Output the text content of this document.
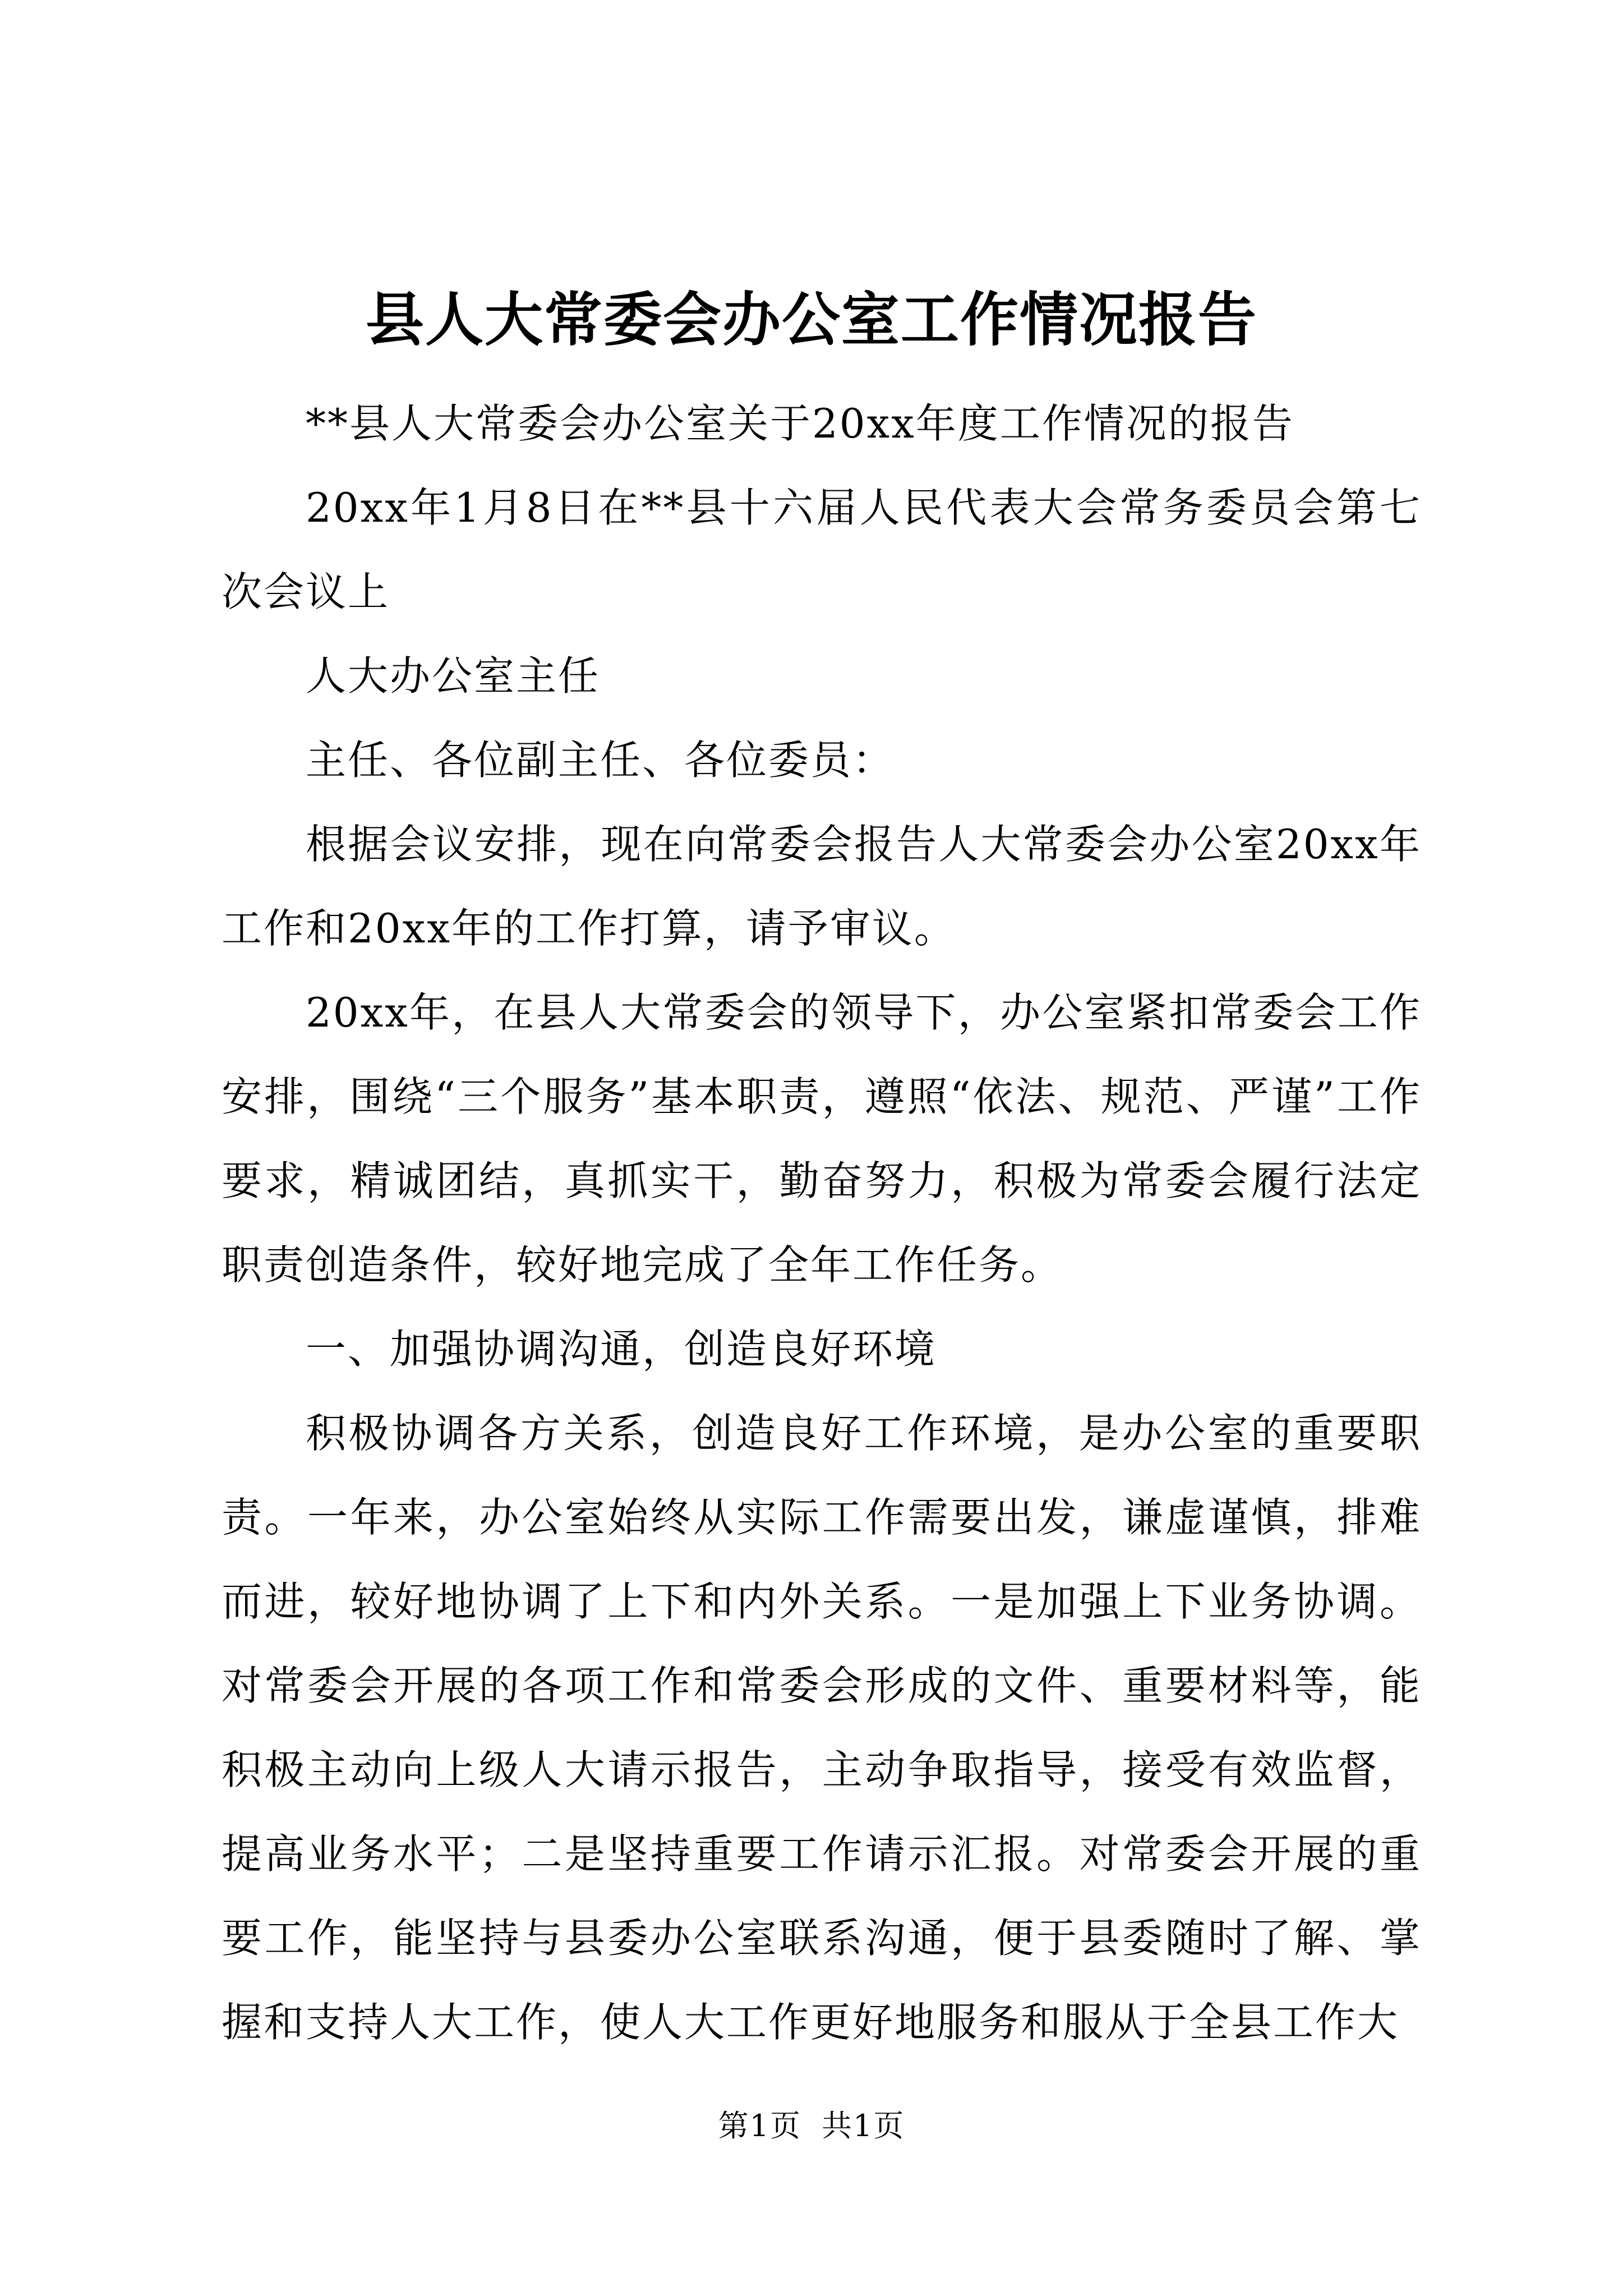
县人大常委会办公室工作情况报告

**县人大常委会办公室关于20xx年度工作情况的报告

20xx年1月8日在**县十六届人民代表大会常务委员会第七次会议上

人大办公室主任

主任、各位副主任、各位委员：

根据会议安排，现在向常委会报告人大常委会办公室20xx年工作和20xx年的工作打算，请予审议。

20xx年，在县人大常委会的领导下，办公室紧扣常委会工作安排，围绕“三个服务”基本职责，遵照“依法、规范、严谨”工作要求，精诚团结，真抓实干，勤奋努力，积极为常委会履行法定职责创造条件，较好地完成了全年工作任务。

一、加强协调沟通，创造良好环境

积极协调各方关系，创造良好工作环境，是办公室的重要职责。一年来，办公室始终从实际工作需要出发，谦虚谨慎，排难而进，较好地协调了上下和内外关系。一是加强上下业务协调。对常委会开展的各项工作和常委会形成的文件、重要材料等，能积极主动向上级人大请示报告，主动争取指导，接受有效监督，提高业务水平；二是坚持重要工作请示汇报。对常委会开展的重要工作，能坚持与县委办公室联系沟通，便于县委随时了解、掌握和支持人大工作，使人大工作更好地服务和服从于全县工作大

第1页 共1页
